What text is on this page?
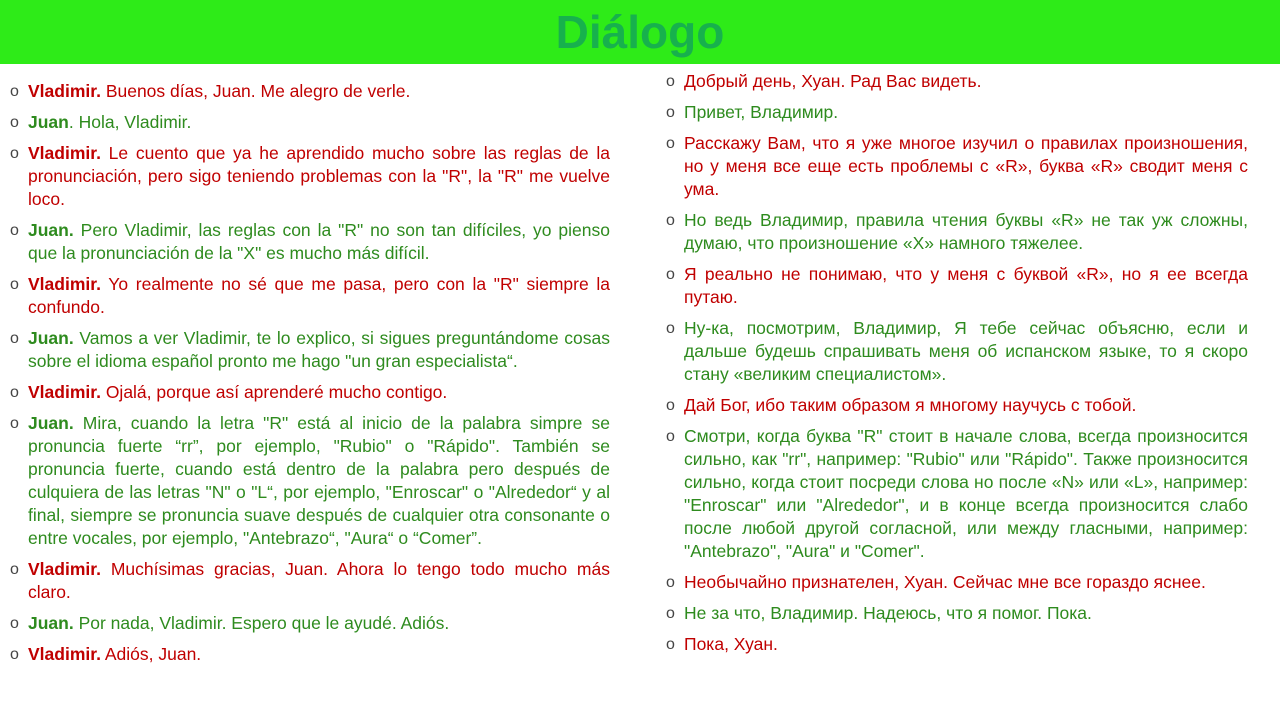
Diálogo
o Vladimir. Buenos días, Juan. Me alegro de verle.
o Juan. Hola, Vladimir.
o Vladimir. Le cuento que ya he aprendido mucho sobre las reglas de la pronunciación, pero sigo teniendo problemas con la "R", la "R" me vuelve loco.
o Juan. Pero Vladimir, las reglas con la "R" no son tan difíciles, yo pienso que la pronunciación de la "X" es mucho más difícil.
o Vladimir. Yo realmente no sé que me pasa, pero con la "R" siempre la confundo.
o Juan. Vamos a ver Vladimir, te lo explico, si sigues preguntándome cosas sobre el idioma español pronto me hago "un gran especialista“.
o Vladimir. Ojalá, porque así aprenderé mucho contigo.
o Juan. Mira, cuando la letra "R" está al inicio de la palabra simpre se pronuncia fuerte “rr”, por ejemplo, "Rubio" o "Rápido". También se pronuncia fuerte, cuando está dentro de la palabra pero después de culquiera de las letras "N" o "L“, por ejemplo, "Enroscar" o "Alrededor“ y al final, siempre se pronuncia suave después de cualquier otra consonante o entre vocales, por ejemplo, "Antebrazo“, "Aura“ o “Comer”.
o Vladimir. Muchísimas gracias, Juan. Ahora lo tengo todo mucho más claro.
o Juan. Por nada, Vladimir. Espero que le ayudé. Adiós.
o Vladimir. Adiós, Juan.
o Добрый день, Хуан. Рад Вас видеть.
o Привет, Владимир.
o Расскажу Вам, что я уже многое изучил о правилах произношения, но у меня все еще есть проблемы с «R», буква «R» сводит меня с ума.
o Но ведь Владимир, правила чтения буквы «R» не так уж сложны, думаю, что произношение «X» намного тяжелее.
o Я реально не понимаю, что у меня с буквой «R», но я ее всегда путаю.
o Ну-ка, посмотрим, Владимир, Я тебе сейчас объясню, если и дальше будешь спрашивать меня об испанском языке, то я скоро стану «великим специалистом».
o Дай Бог, ибо таким образом я многому научусь с тобой.
o Смотри, когда буква "R" стоит в начале слова, всегда произносится сильно, как "rr", например: "Rubio" или "Rápido". Также произносится сильно, когда стоит посреди слова но после «N» или «L», например: "Enroscar" или "Alrededor", и в конце всегда произносится слабо после любой другой согласной, или между гласными, например: "Antebrazo", "Aura" и "Comer".
o Необычайно признателен, Хуан. Сейчас мне все гораздо яснее.
o Не за что, Владимир. Надеюсь, что я помог. Пока.
o Пока, Хуан.
